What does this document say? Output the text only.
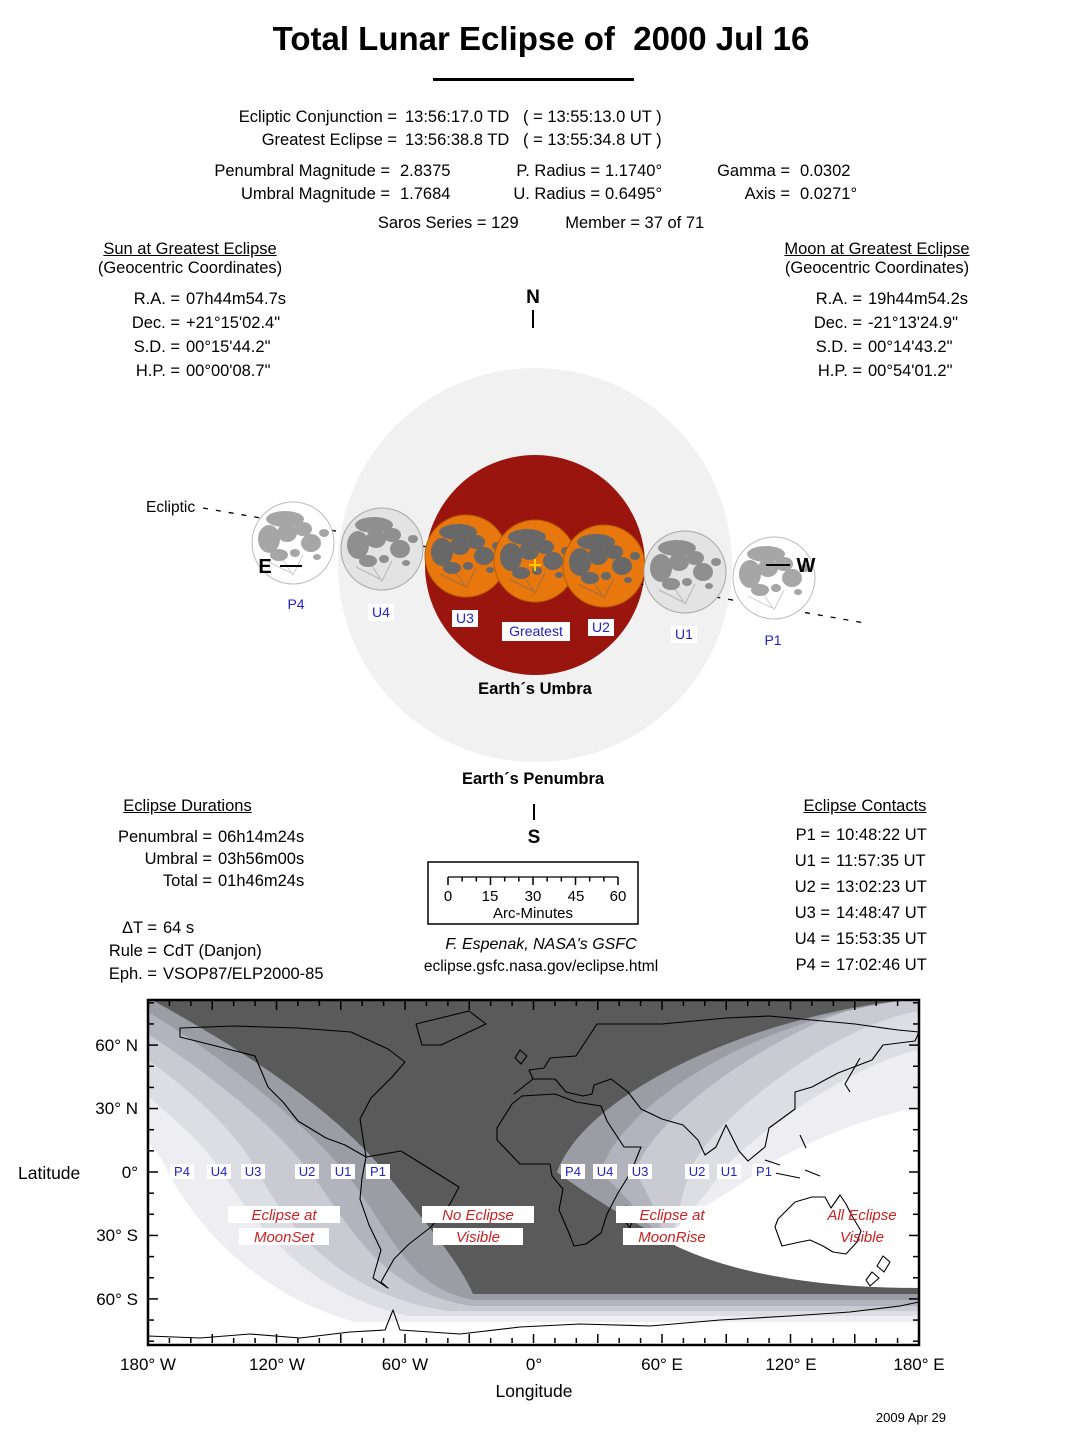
Total Lunar Eclipse of  2000 Jul 16
Ecliptic Conjunction = 13:56:17.0 TD   ( = 13:55:13.0 UT )
Greatest Eclipse = 13:56:38.8 TD   ( = 13:55:34.8 UT )
Penumbral Magnitude = 2.8375	P. Radius = 1.1740°	Gamma = 0.0302
Umbral Magnitude = 1.7684	U. Radius = 0.6495°	Axis = 0.0271°
Saros Series = 129	Member = 37 of 71
Sun at Greatest Eclipse
(Geocentric Coordinates)
R.A. = 07h44m54.7s
Dec. = +21°15'02.4"
S.D. = 00°15'44.2"
H.P. = 00°00'08.7"
Moon at Greatest Eclipse
(Geocentric Coordinates)
R.A. = 19h44m54.2s
Dec. = -21°13'24.9"
S.D. = 00°14'43.2"
H.P. = 00°54'01.2"
N
Ecliptic
E	W
P4	U4	U3
Greatest U2	U1	P1
Earth´s Umbra
Earth´s Penumbra
S
0 15 30 45 60
Arc-Minutes
Eclipse Durations
Penumbral = 06h14m24s
Umbral = 03h56m00s
Total = 01h46m24s
ΔT = 64 s
Rule = CdT (Danjon)
Eph. = VSOP87/ELP2000-85
Eclipse Contacts
P1 = 10:48:22 UT
U1 = 11:57:35 UT
U2 = 13:02:23 UT
U3 = 14:48:47 UT
U4 = 15:53:35 UT
P4 = 17:02:46 UT
F. Espenak, NASA's GSFC
eclipse.gsfc.nasa.gov/eclipse.html
P4 U4 U3	U2 U1 P1	P4 U4 U3	U2 U1 P1
Eclipse at
MoonSet
No Eclipse
Visible
Eclipse at
MoonRise
All Eclipse
Visible
60° N
30° N
0°
30° S
60° S
180° W	120° W	60° W	0°	60° E	120° E	180° E
Latitude
Longitude
2009 Apr 29
